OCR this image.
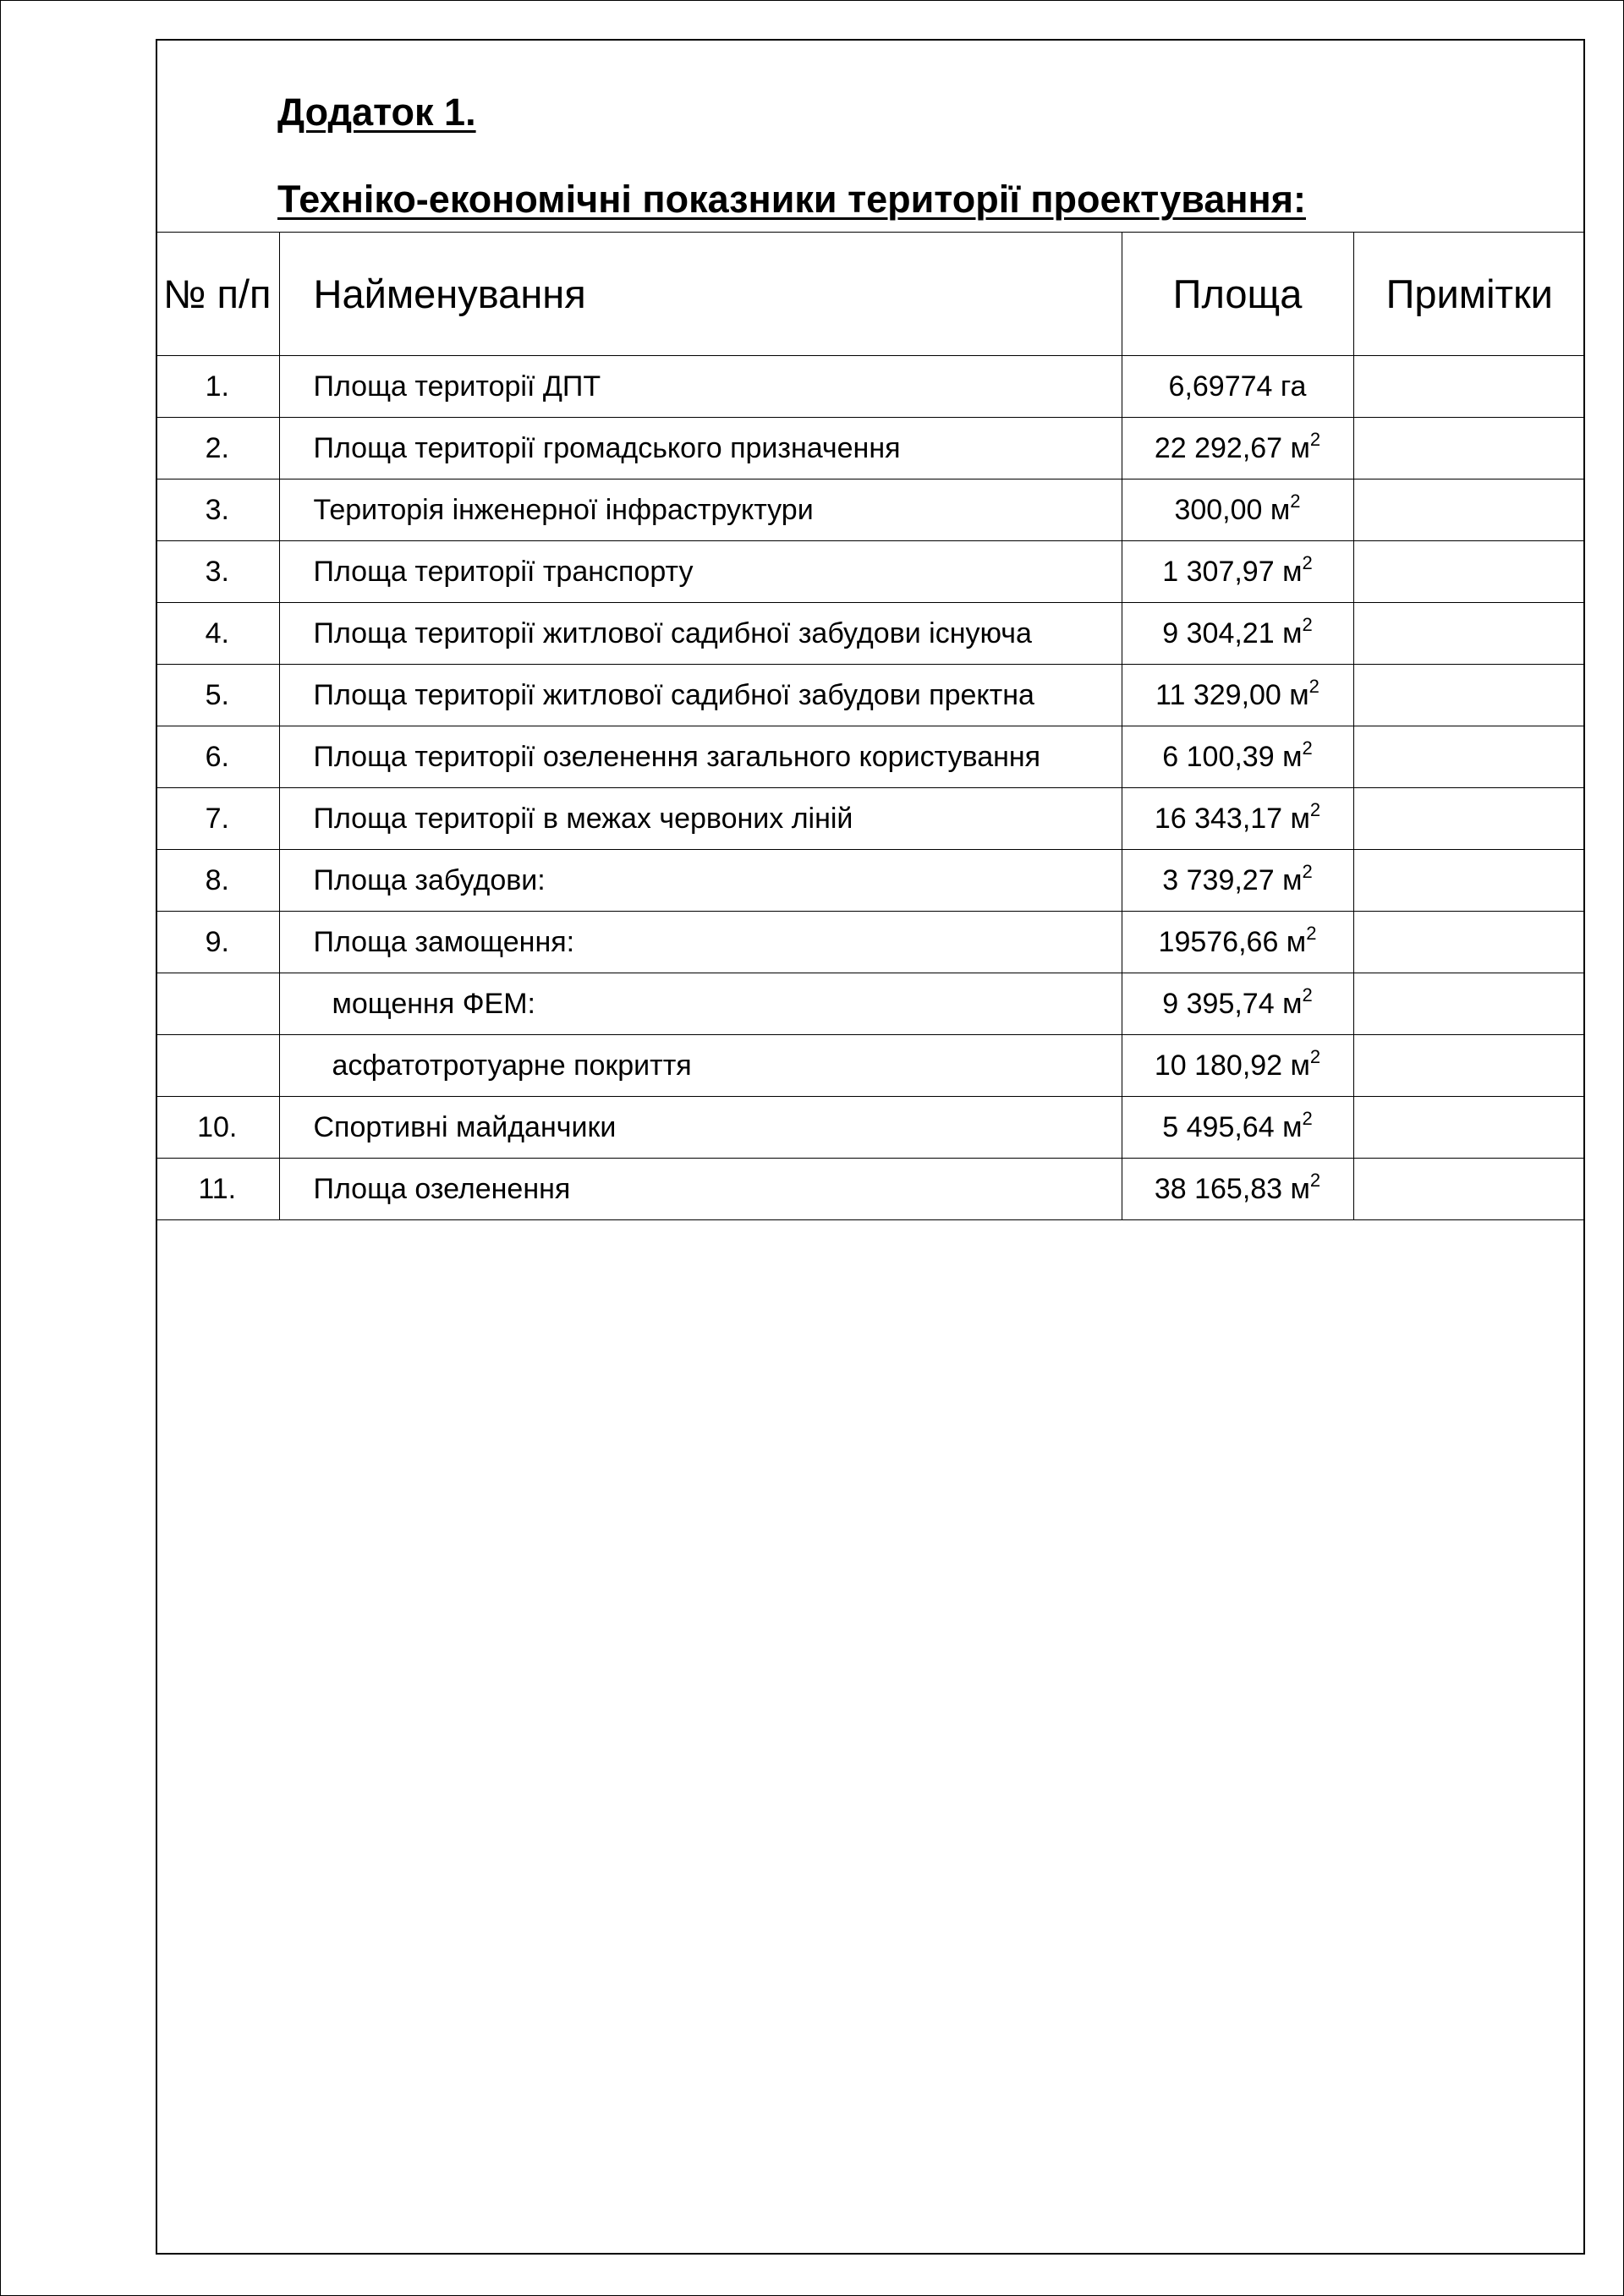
Додаток 1.
Техніко-економічні показники території проектування:
№ п/п	Найменування	Площа	Примітки
1.	Площа території ДПТ	6,69774 га	
2.	Площа території громадського призначення	22 292,67 $м^2$	
3.	Територія інженерної інфраструктури	300,00 $м^2$	
3.	Площа території транспорту	1 307,97 $м^2$	
4.	Площа території житлової садибної забудови існуюча	9 304,21 $м^2$	
5.	Площа території житлової садибної забудови пректна	11 329,00 $м^2$	
6.	Площа території озеленення загального користування	6 100,39 $м^2$	
7.	Площа території в межах червоних ліній	16 343,17 $м^2$	
8.	Площа забудови:	3 739,27 $м^2$	
9.	Площа замощення:	19576,66 $м^2$	
	мощення ФЕМ:	9 395,74 $м^2$	
	асфатотротуарне покриття	10 180,92 $м^2$	
10.	Спортивні майданчики	5 495,64 $м^2$	
11.	Площа озеленення	38 165,83 $м^2$	
